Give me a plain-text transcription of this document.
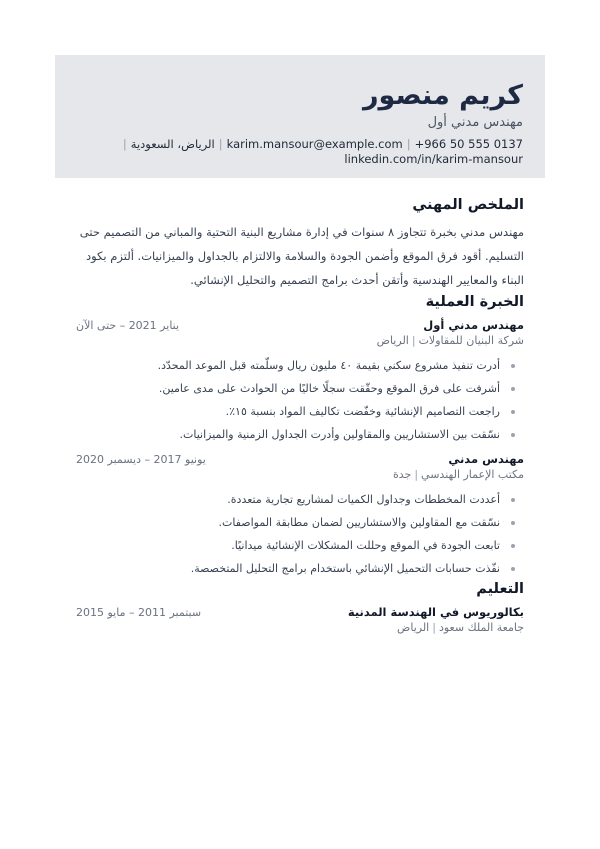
كريم منصور
مهندس مدني أول
+966 50 555 0137|karim.mansour@example.com|الرياض، السعودية|
linkedin.com/in/karim-mansour
الملخص المهني
مهندس مدني بخبرة تتجاوز ٨ سنوات في إدارة مشاريع البنية التحتية والمباني من التصميم حتى التسليم. أقود فرق الموقع وأضمن الجودة والسلامة والالتزام بالجداول والميزانيات. ألتزم بكود البناء والمعايير الهندسية وأتقن أحدث برامج التصميم والتحليل الإنشائي.
الخبرة العملية
مهندس مدني أول
يناير 2021 – حتى الآن
شركة البنيان للمقاولات|الرياض
أدرت تنفيذ مشروع سكني بقيمة ٤٠ مليون ريال وسلّمته قبل الموعد المحدّد.
أشرفت على فرق الموقع وحقّقت سجلًا خاليًا من الحوادث على مدى عامين.
راجعت التصاميم الإنشائية وخفّضت تكاليف المواد بنسبة ١٥٪.
نسّقت بين الاستشاريين والمقاولين وأدرت الجداول الزمنية والميزانيات.
مهندس مدني
يونيو 2017 – ديسمبر 2020
مكتب الإعمار الهندسي|جدة
أعددت المخططات وجداول الكميات لمشاريع تجارية متعددة.
نسّقت مع المقاولين والاستشاريين لضمان مطابقة المواصفات.
تابعت الجودة في الموقع وحللت المشكلات الإنشائية ميدانيًا.
نفّذت حسابات التحميل الإنشائي باستخدام برامج التحليل المتخصصة.
التعليم
بكالوريوس في الهندسة المدنية
سبتمبر 2011 – مايو 2015
جامعة الملك سعود|الرياض
